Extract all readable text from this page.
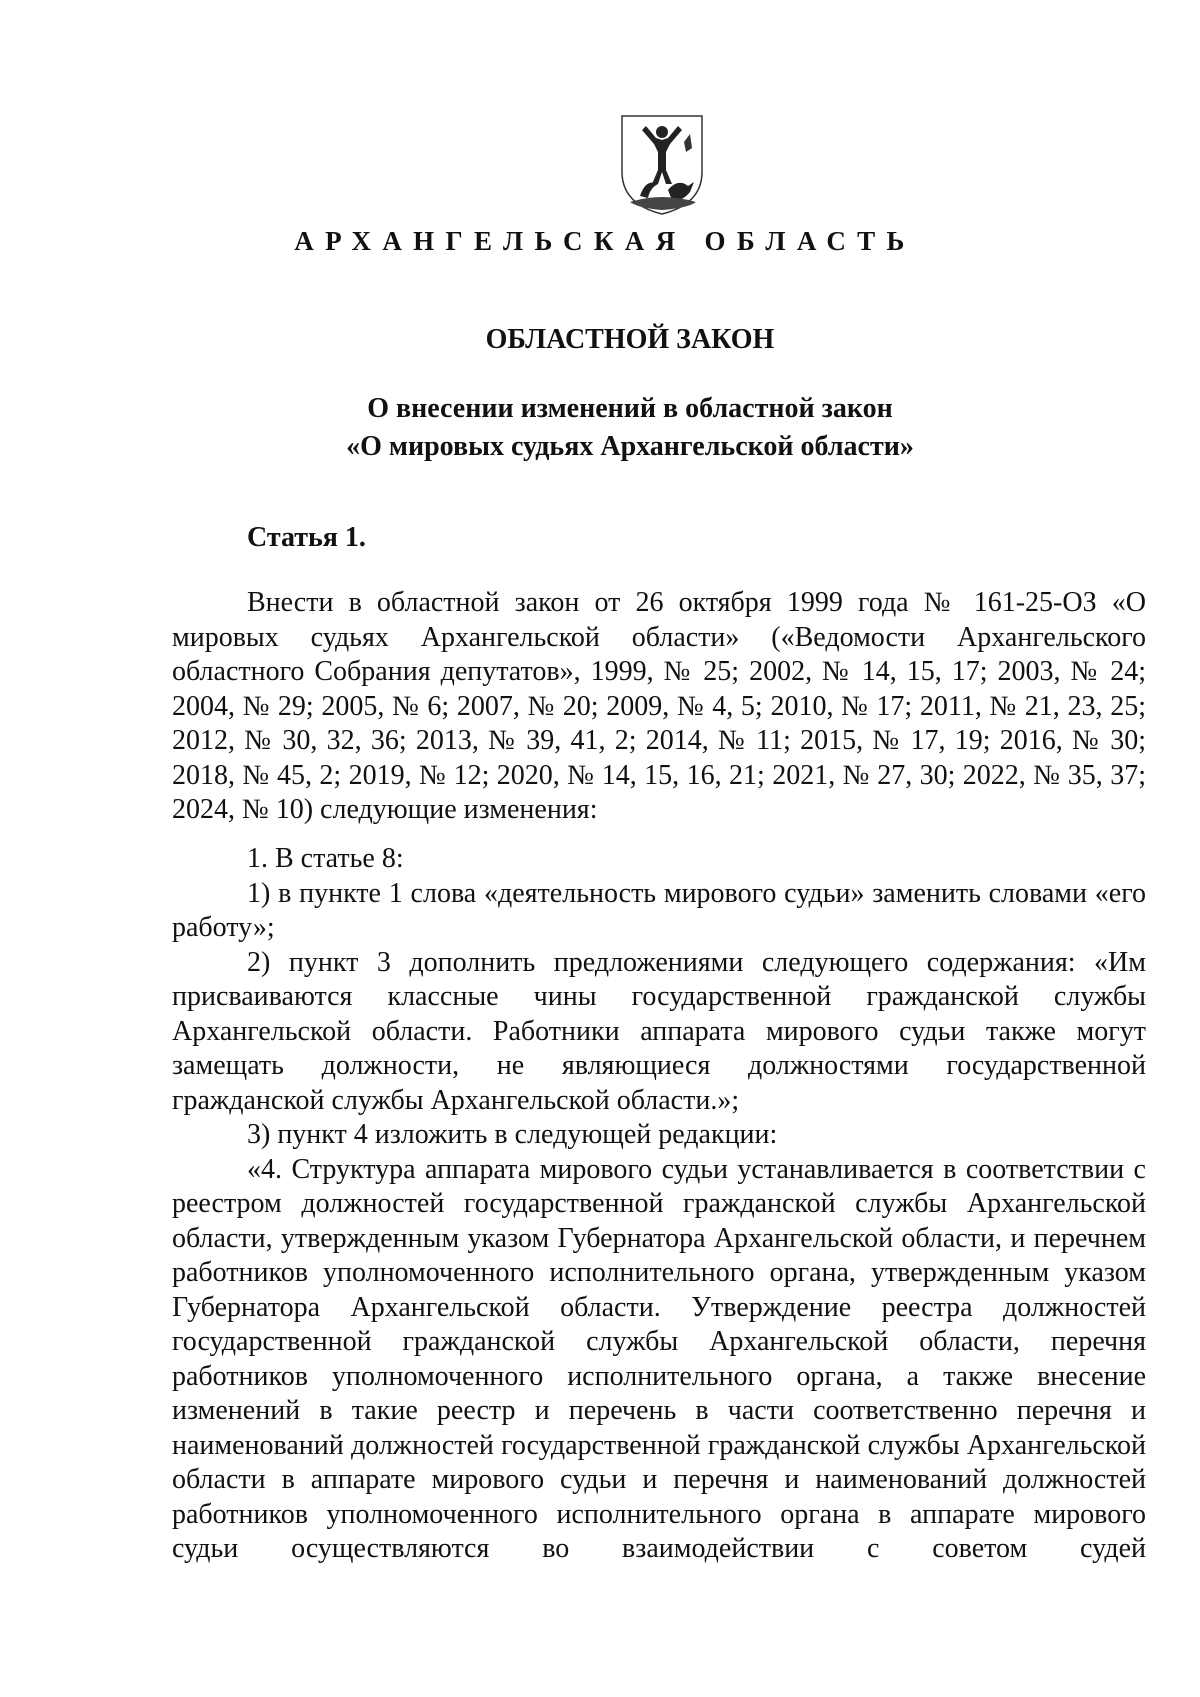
АРХАНГЕЛЬСКАЯ ОБЛАСТЬ
ОБЛАСТНОЙ ЗАКОН
О внесении изменений в областной закон
«О мировых судьях Архангельской области»
Статья 1.

Внести в областной закон от 26 октября 1999 года № 161-25-ОЗ «О мировых судьях Архангельской области» («Ведомости Архангельского областного Собрания депутатов», 1999, № 25; 2002, № 14, 15, 17; 2003, № 24; 2004, № 29; 2005, № 6; 2007, № 20; 2009, № 4, 5; 2010, № 17; 2011, № 21, 23, 25; 2012, № 30, 32, 36; 2013, № 39, 41, 2; 2014, № 11; 2015, № 17, 19; 2016, № 30; 2018, № 45, 2; 2019, № 12; 2020, № 14, 15, 16, 21; 2021, № 27, 30; 2022, № 35, 37; 2024, № 10) следующие изменения:

1. В статье 8:

1) в пункте 1 слова «деятельность мирового судьи» заменить словами «его работу»;

2) пункт 3 дополнить предложениями следующего содержания: «Им присваиваются классные чины государственной гражданской службы Архангельской области. Работники аппарата мирового судьи также могут замещать должности, не являющиеся должностями государственной гражданской службы Архангельской области.»;

3) пункт 4 изложить в следующей редакции:

«4. Структура аппарата мирового судьи устанавливается в соответствии с реестром должностей государственной гражданской службы Архангельской области, утвержденным указом Губернатора Архангельской области, и перечнем работников уполномоченного исполнительного органа, утвержденным указом Губернатора Архангельской области. Утверждение реестра должностей государственной гражданской службы Архангельской области, перечня работников уполномоченного исполнительного органа, а также внесение изменений в такие реестр и перечень в части соответственно перечня и наименований должностей государственной гражданской службы Архангельской области в аппарате мирового судьи и перечня и наименований должностей работников уполномоченного исполнительного органа в аппарате мирового судьи осуществляются во взаимодействии с советом судей
